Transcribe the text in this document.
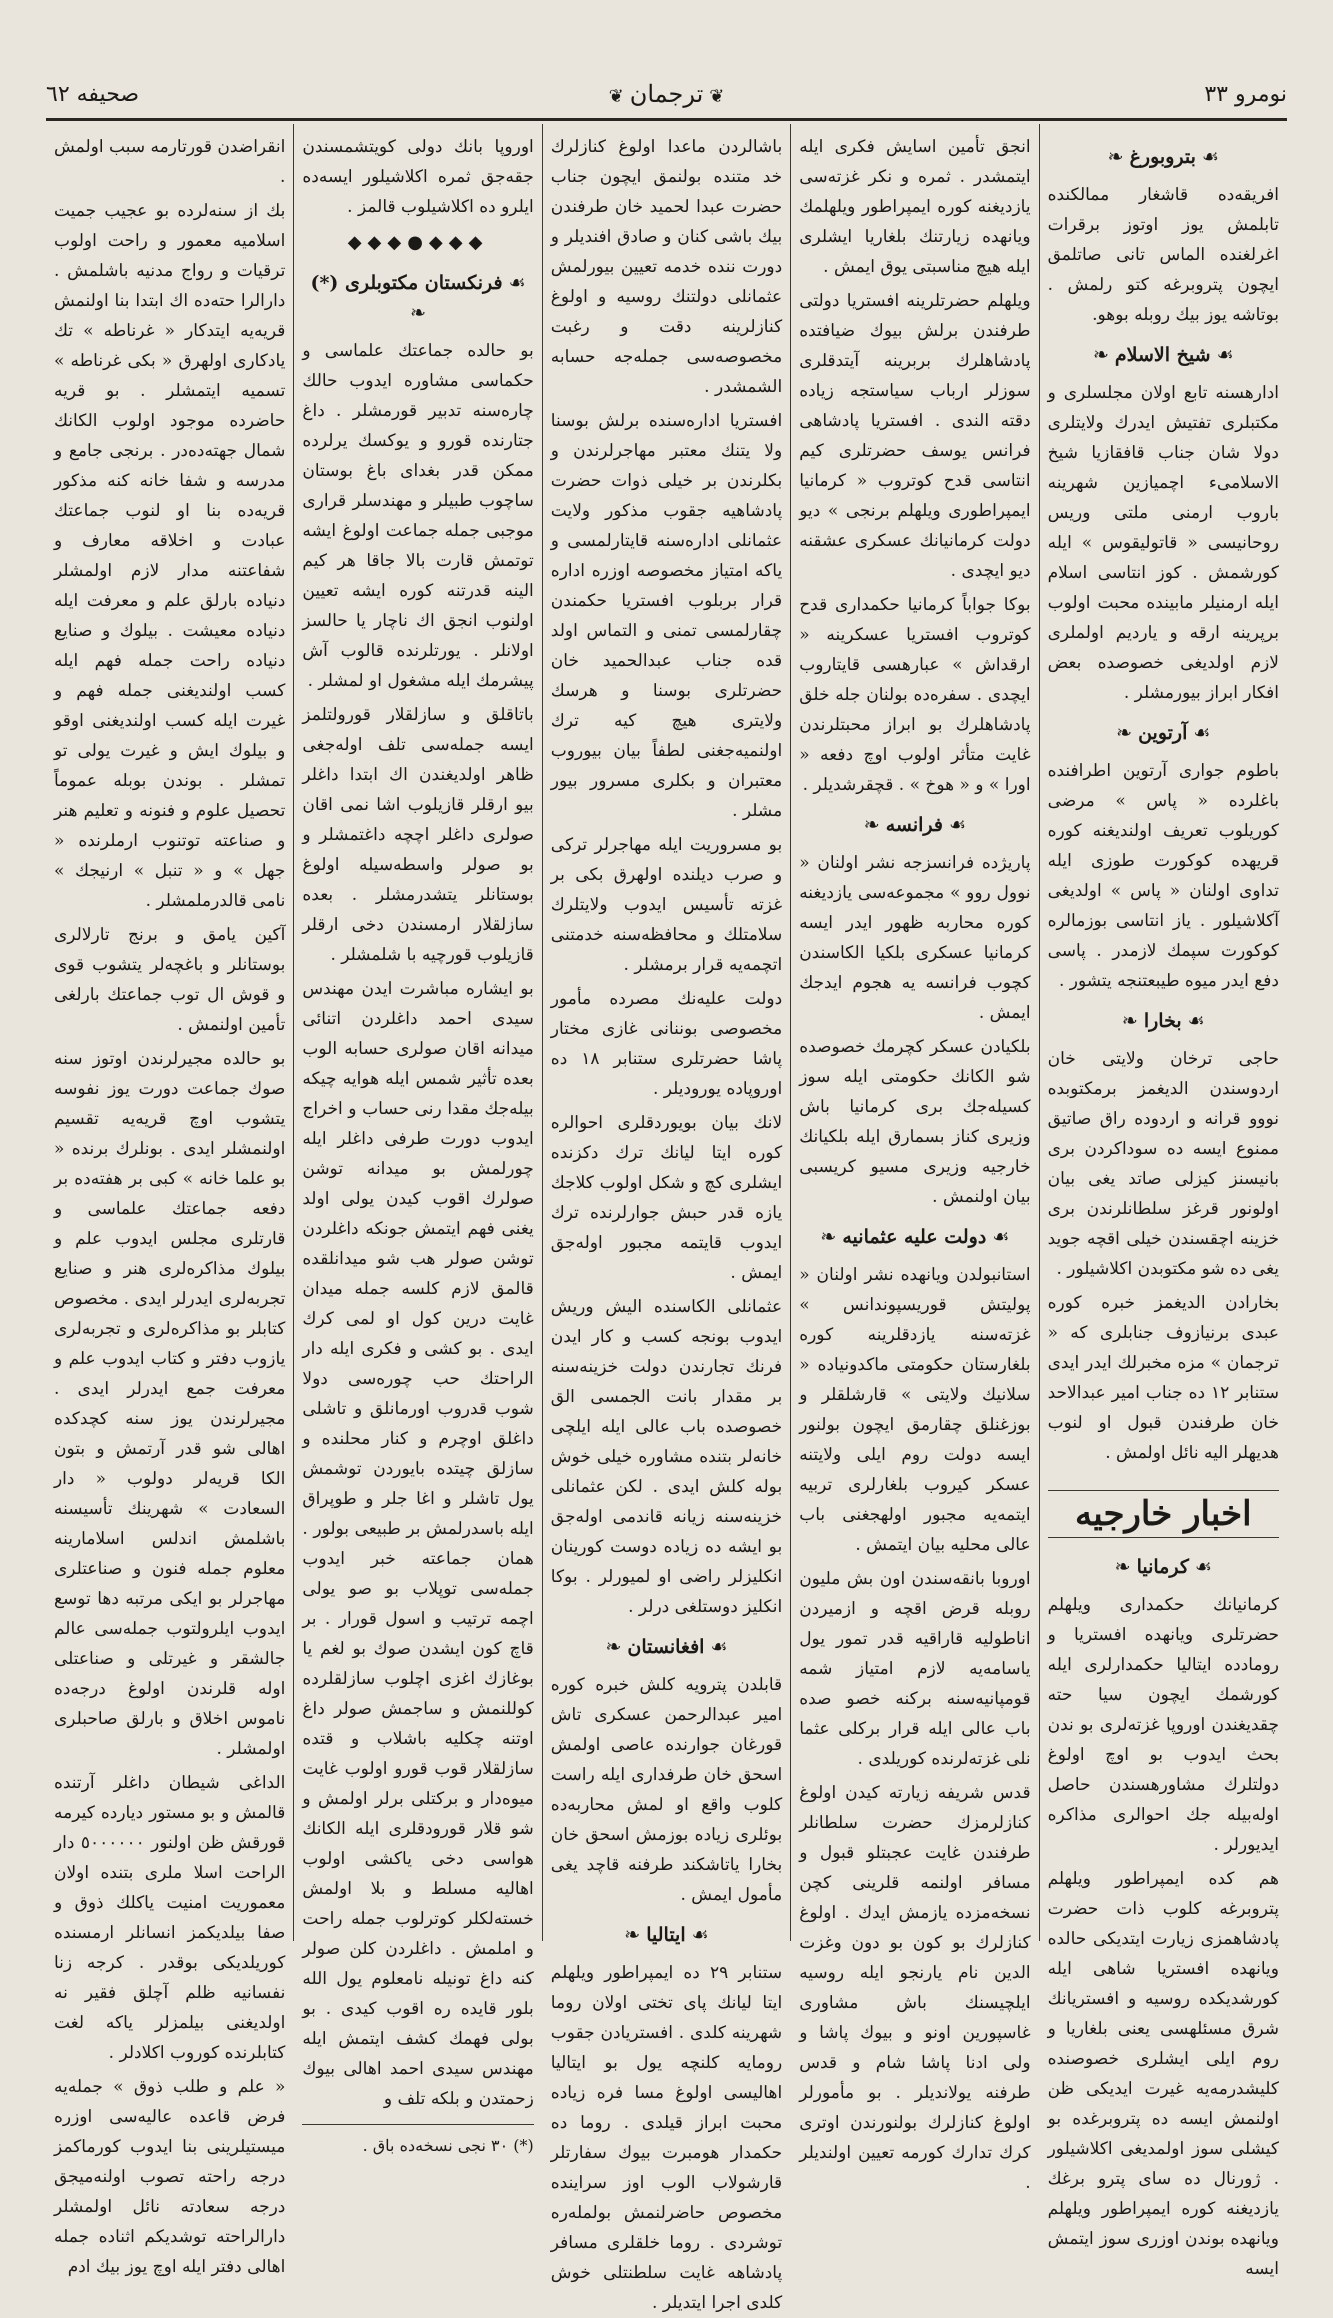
نومرو ٣٣
❦ ترجمان ❦
صحيفه ٦٢
☙ بتروبورغ ❧

افريقه‌ده قاشغار ممالكنده تابلمش يوز اوتوز برقرات اغرلغنده الماس تانى صاتلمق ايچون پتروبرغه كتو رلمش . بوتاشه يوز بيك روبله بوهو.

☙ شيخ الاسلام ❧

ادارهسنه تابع اولان مجلسلرى و مكتبلرى تفتيش ايدرك ولايتلرى دولا شان جناب قافقازيا شيخ الاسلامىء اچميازين شهرينه باروب ارمنى ملتى وريس روحانيسى « قاتوليقوس » ايله كورشمش . كوز انتاسى اسلام ايله ارمنيلر مابينده محبت اولوب برپرينه ارقه و يارديم اولملرى لازم اولديغى خصوصده بعض افكار ابراز بيورمشلر .

☙ آرتوين ❧

باطوم جوارى آرتوين اطرافنده باغلرده « پاس » مرضى كوريلوب تعريف اولنديغنه كوره قريهده كوكورت طوزى ايله تداوى اولنان « پاس » اولديغى آكلاشيلور . ياز انتاسى بوزمالره كوكورت سپمك لازمدر . پاسى دفع ايدر ميوه طيبعتنجه يتشور .

☙ بخارا ❧

حاجى ترخان ولايتى خان اردوسندن الديغمز برمكتوبده نووو قرانه و اردوده راق صاتيق ممنوع ايسه ده سوداكردن برى بانيسنز كيزلى صاتد يغى بيان اولونور قرغز سلطانلرندن برى خزينه اچقسندن خيلى اقچه جويد يغى ده شو مكتوبدن اكلاشيلور .

بخارادن الديغمز خبره كوره عبدى برنيازوف جنابلرى كه « ترجمان » مزه مخبرلك ايدر ايدى ستنابر ١٢ ده جناب امير عبدالاحد خان طرفندن قبول او لنوب هديهلر اليه نائل اولمش .

اخبار خارجيه
☙ كرمانيا ❧

كرمانيانك حكمدارى ويلهلم حضرتلرى ويانهده افستريا و رومادده ايتاليا حكمدارلرى ايله كورشمك ايچون سيا حته چقديغندن اوروپا غزته‌لرى بو ندن بحث ايدوب بو اوچ اولوغ دولتلرك مشاورهسندن حاصل اوله‌بيله جك احوالرى مذاكره ايديورلر .

هم كده ايمپراطور ويلهلم پتروبرغه كلوب ذات حضرت پادشاهمزى زيارت ايتديكى حالده ويانهده افستريا شاهى ايله كورشديكده روسيه و افستريانك شرق مسئلهسى يعنى بلغاريا و روم ايلى ايشلرى خصوصنده كليشدرمه‌يه غيرت ايديكى ظن اولنمش ايسه ده پتروبرغده بو كيشلى سوز اولمديغى اكلاشيلور . ژورنال ده ساى پترو برغك يازديغنه كوره ايمپراطور ويلهلم ويانهده بوندن اوزرى سوز ايتمش ايسه

انجق تأمين اسايش فكرى ايله ايتمشدر . ثمره و نكر غزته‌سى يازديغنه كوره ايمپراطور ويلهلمك ويانهده زيارتنك بلغاريا ايشلرى ايله هيچ مناسبتى يوق ايمش .

ويلهلم حضرتلرينه افستريا دولتى طرفندن برلش بيوك ضيافتده پادشاهلرك بربرينه آيتدقلرى سوزلر ارباب سياستجه زياده دقته الندى . افستريا پادشاهى فرانس يوسف حضرتلرى كيم انتاسى قدح كوتروب « كرمانيا ايمپراطورى ويلهلم برنجى » ديو دولت كرمانيانك عسكرى عشقنه ديو ايچدى .

بوكا جواباً كرمانيا حكمدارى قدح كوتروب افستريا عسكرينه « ارقداش » عبارهسى قايتاروب ايچدى . سفره‌ده بولنان جله خلق پادشاهلرك بو ابراز محبتلرندن غايت متأثر اولوب اوچ دفعه « اورا » و « هوخ » . قچقرشديلر .

☙ فرانسه ❧

پاريژده فرانسزجه نشر اولنان « نوول روو » مجموعه‌سى يازديغنه كوره محاربه ظهور ايدر ايسه كرمانيا عسكرى بلكيا الكاسندن كچوب فرانسه يه هجوم ايدجك ايمش .

بلكيادن عسكر كچرمك خصوصده شو الكانك حكومتى ايله سوز كسيله‌جك برى كرمانيا باش وزيرى كناز بسمارق ايله بلكيانك خارجيه وزيرى مسيو كريسبى بيان اولنمش .

☙ دولت عليه عثمانيه ❧

استانبولدن ويانهده نشر اولنان « پوليتش قوريسپوندانس » غزته‌سنه يازدقلرينه كوره بلغارستان حكومتى ماكدونياده « سلانيك ولايتى » قارشلقلر و بوزغنلق چقارمق ايچون بولنور ايسه دولت روم ايلى ولايتنه عسكر كيروب بلغارلرى تربيه ايتمه‌يه مجبور اولهجغنى باب عالى محليه بيان ايتمش .

اوروبا بانقه‌سندن اون بش مليون روبله قرض اقچه و ازميردن اناطوليه قاراقيه قدر تمور يول ياسامه‌يه لازم امتياز شمه قومپانيه‌سنه بركنه خصو صده باب عالى ايله قرار بركلى عثما نلى غزته‌لرنده كوريلدى .

قدس شريفه زيارته كيدن اولوغ كنازلرمزك حضرت سلطانلر طرفندن غايت عجبتلو قبول و مسافر اولنمه قلرينى كچن نسخه‌مزده يازمش ايدك . اولوغ كنازلرك بو كون بو دون وغزت الدين نام يارنجو ايله روسيه ايلچيسنك باش مشاورى غاسپورين اونو و بيوك پاشا و ولى ادنا پاشا شام و قدس طرفنه يولانديلر . بو مأمورلر اولوغ كنازلرك بولنورندن اوترى كرك تدارك كورمه تعيين اولنديلر .

باشالردن ماعدا اولوغ كنازلرك خد متنده بولنمق ايچون جناب حضرت عبدا لحميد خان طرفندن بيك باشى كنان و صادق افنديلر و دورت ننده خدمه تعيين بيورلمش عثمانلى دولتنك روسيه و اولوغ كنازلرينه دقت و رغبت مخصوصه‌سى جمله‌جه حسابه الشمشدر .

افستريا اداره‌سنده برلش بوسنا ولا يتنك معتبر مهاجرلرندن و بكلرندن بر خيلى ذوات حضرت پادشاهيه جقوب مذكور ولايت عثمانلى اداره‌سنه قايتارلمسى و ياكه امتياز مخصوصه اوزره اداره قرار بربلوب افستريا حكمندن چقارلمسى تمنى و التماس اولد قده جناب عبدالحميد خان حضرتلرى بوسنا و هرسك ولايترى هيچ كيه ترك اولنميه‌جغنى لطفاً بيان بيوروب معتبران و بكلرى مسرور بيور مشلر .

بو مسروريت ايله مهاجرلر تركى و صرب ديلنده اولهرق بكى بر غزته تأسيس ايدوب ولايتلرك سلامتلك و محافظه‌سنه خدمتنى اتچمه‌يه قرار برمشلر .

دولت عليه‌نك مصرده مأمور مخصوصى بوننانى غازى مختار پاشا حضرتلرى ستنابر ١٨ ده اوروپاده يوروديلر .

لانك بيان بويوردقلرى احوالره كوره ايتا ليانك ترك دكزنده ايشلرى كچ و شكل اولوب كلاجك يازه قدر حبش جوارلرنده ترك ايدوب قايتمه مجبور اوله‌جق ايمش .

عثمانلى الكاسنده اليش وريش ايدوب بونجه كسب و كار ايدن فرنك تجارندن دولت خزينه‌سنه بر مقدار بانت الجمسى الق خصوصده باب عالى ايله ايلچى خانه‌لر بتنده مشاوره خيلى خوش بوله كلش ايدى . لكن عثمانلى خزينه‌سنه زيانه قاندمى اوله‌جق بو ايشه ده زياده دوست كورينان انكليزلر راضى او لميورلر . بوكا انكليز دوستلغى درلر .

☙ افغانستان ❧

قابلدن پترويه كلش خبره كوره امير عبدالرحمن عسكرى تاش قورغان جوارنده عاصى اولمش اسحق خان طرفدارى ايله راست كلوب واقع او لمش محاربه‌ده بوئلرى زياده بوزمش اسحق خان بخارا ياتاشكند طرفنه قاچد يغى مأمول ايمش .

☙ ايتاليا ❧

ستنابر ٢٩ ده ايمپراطور ويلهلم ايتا ليانك پاى تختى اولان روما شهرينه كلدى . افستريادن جقوب رومايه كلنچه يول بو ايتاليا اهاليسى اولوغ مسا فره زياده محبت ابراز قيلدى . روما ده حكمدار هومبرت بيوك سفارتلر قارشولاب الوب اوز سراينده مخصوص حاضرلنمش بولمله‌ره توشردى . روما خلقلرى مسافر پادشاهه غايت سلطنتلى خوش كلدى اجرا ايتديلر .

اوروپا بانك دولى كويتشمسندن جقه‌جق ثمره اكلاشيلور ايسه‌ده ايلرو ده اكلاشيلوب قالمز .

◆◆◆●◆◆◆
☙ فرنكستان مكتوبلرى (*) ❧

بو حالده جماعتك علماسى و حكماسى مشاوره ايدوب حالك چارەسنه تدبير قورمشلر . داغ جتارنده قورو و يوكسك يرلرده ممكن قدر بغدای باغ بوستان ساچوب طبيلر و مهندسلر قرارى موجبى جمله جماعت اولوغ ايشه توتمش قارت بالا جاقا هر كيم الينه قدرتنه كوره ايشه تعيين اولنوب انجق اك ناچار يا حالسز اولانلر . يورتلرنده قالوب آش پيشرمك ايله مشغول او لمشلر .

باتاقلق و سازلقلار قورولتلمز ايسه جمله‌سى تلف اوله‌جغى ظاهر اولديغندن اك ابتدا داغلر بيو ارقلر قازيلوب اشا نمى اقان صولرى داغلر اچچه داغتمشلر و بو صولر واسطه‌سيله اولوغ بوستانلر يتشدرمشلر . بعده سازلقلار ارمسندن دخى ارقلر قازيلوب قورچيه با شلمشلر .

بو ايشاره مباشرت ايدن مهندس سيدى احمد داغلردن اتنائى ميدانه اقان صولرى حسابه الوب بعده تأثير شمس ايله هوايه چيكه بيله‌جك مقدا رنى حساب و اخراج ايدوب دورت طرفى داغلر ايله چورلمش بو ميدانه توشن صولرك اقوب كيدن يولى اولد يغنى فهم ايتمش جونكه داغلردن توشن صولر هب شو ميدانلقده قالمق لازم كلسه جمله ميدان غايت درين كول او لمى كرك ايدى . بو كشى و فكرى ايله دار الراحتك حب چوره‌سى دولا شوب قدروب اورمانلق و تاشلى داغلق اوچرم و كنار محلنده و سازلق چيتده بايوردن توشمش يول تاشلر و اغا جلر و طوپراق ايله باسدرلمش بر طبيعى بولور . همان جماعته خبر ايدوب جمله‌سى توپلاب بو صو يولى اچمه ترتيب و اسول قورار . بر قاچ كون ايشدن صوك بو لغم يا بوغازك اغزى اچلوب سازلقلرده كوللنمش و ساجمش صولر داغ اوتنه چكليه باشلاب و قتده سازلقلار قوب قورو اولوب غايت ميوه‌دار و بركتلى برلر اولمش و شو قلار قورودقلرى ايله الكانك هواسى دخى ياكشى اولوب اهاليه مسلط و بلا اولمش خسته‌لكلر كوترلوب جمله راحت و املمش . داغلردن كلن صولر كنه داغ تونيله نامعلوم يول الله بلور قايده ره اقوب كيدى . بو بولى فهمك كشف ايتمش ايله مهندس سيدى احمد اهالى بيوك زحمتدن و بلكه تلف و

(*) ٣٠ نجى نسخه‌ده باق .

انقراضدن قورتارمه سبب اولمش .

بك از سنه‌لرده بو عجيب جميت اسلاميه معمور و راحت اولوب ترقيات و رواج مدنيه باشلمش . دارالرا حته‌ده اك ابتدا بنا اولنمش قريه‌يه ايتدكار « غرناطه » تك يادكارى اولهرق « بكى غرناطه » تسميه ايتمشلر . بو قريه حاضرده موجود اولوب الكانك شمال جهته‌ده‌در . برنجى جامع و مدرسه و شفا خانه كنه مذكور قريه‌ده بنا او لنوب جماعتك عبادت و اخلاقه معارف و شفاعتنه مدار لازم اولمشلر دنياده بارلق علم و معرفت ايله دنياده معيشت . بيلوك و صنايع دنياده راحت جمله فهم ايله كسب اولنديغنى جمله فهم و غيرت ايله كسب اولنديغنى اوقو و بيلوك ايش و غيرت يولى تو تمشلر . بوندن بوبله عموماً تحصيل علوم و فنونه و تعليم هنر و صناعته توتنوب ارملرنده « جهل » و « تنبل » ارنيجك » نامى قالدرملمشلر .

آكين يامق و برنج تارلالرى بوستانلر و باغچه‌لر يتشوب قوى و قوش ال توب جماعتك بارلغى تأمين اولنمش .

بو حالده مجيرلرندن اوتوز سنه صوك جماعت دورت يوز نفوسه يتشوب اوچ قريه‌يه تقسيم اولنمشلر ايدى . بونلرك برنده « بو علما خانه » كبى بر هفته‌ده بر دفعه جماعتك علماسى و قارتلرى مجلس ايدوب علم و بيلوك مذاكره‌لرى هنر و صنايع تجربه‌لرى ايدرلر ايدى . مخصوص كتابلر بو مذاكره‌لرى و تجربه‌لرى يازوب دفتر و كتاب ايدوب علم و معرفت جمع ايدرلر ايدى . مجيرلرندن يوز سنه كچدكده اهالى شو قدر آرتمش و بتون الكا قريه‌لر دولوب « دار السعادت » شهرينك تأسيسنه باشلمش اندلس اسلامارينه معلوم جمله فنون و صناعتلرى مهاجرلر بو ايكى مرتبه دها توسع ايدوب ايلرولتوب جمله‌سى عالم جالشقر و غيرتلى و صناعتلى اوله قلرندن اولوغ درجه‌ده ناموس اخلاق و بارلق صاحبلرى اولمشلر .

الداغى شيطان داغلر آرتنده قالمش و بو مستور ديارده كيرمه قورقش ظن اولنور ٥٠٠٠٠٠٠ دار الراحت اسلا ملرى بتنده اولان معموريت امنيت ياكلك ذوق و صفا بيلديكمز انسانلر ارمسنده كوريلديكى بوقدر . كرجه زنا نفسانيه ظلم آچلق فقير نه اولديغنى بيلمزلر ياكه لغت كتابلرنده كوروب اكلادلر .

« علم و طلب ذوق » جمله‌يه فرض قاعده عاليه‌سى اوزره ميستيلرينى بنا ايدوب كورماكمز درجه راحته تصوب اولنه‌ميجق درجه سعادته نائل اولمشلر دارالراحته توشديكم اثناده جمله اهالى دفتر ايله اوچ يوز بيك ادم
